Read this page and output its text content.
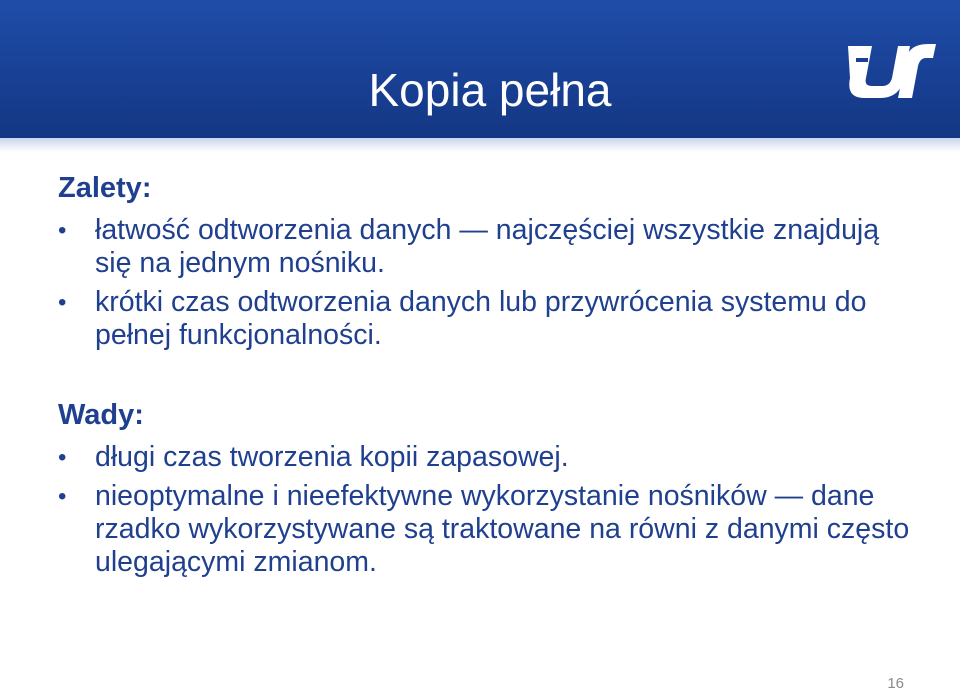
Kopia pełna
Zalety:
•	łatwość odtworzenia danych — najczęściej wszystkie znajdują się na jednym nośniku.
•	krótki czas odtworzenia danych lub przywrócenia systemu do pełnej funkcjonalności.
Wady:
•	długi czas tworzenia kopii zapasowej.
•	nieoptymalne i nieefektywne wykorzystanie nośników — dane rzadko wykorzystywane są traktowane na równi z danymi często ulegającymi zmianom.
16
